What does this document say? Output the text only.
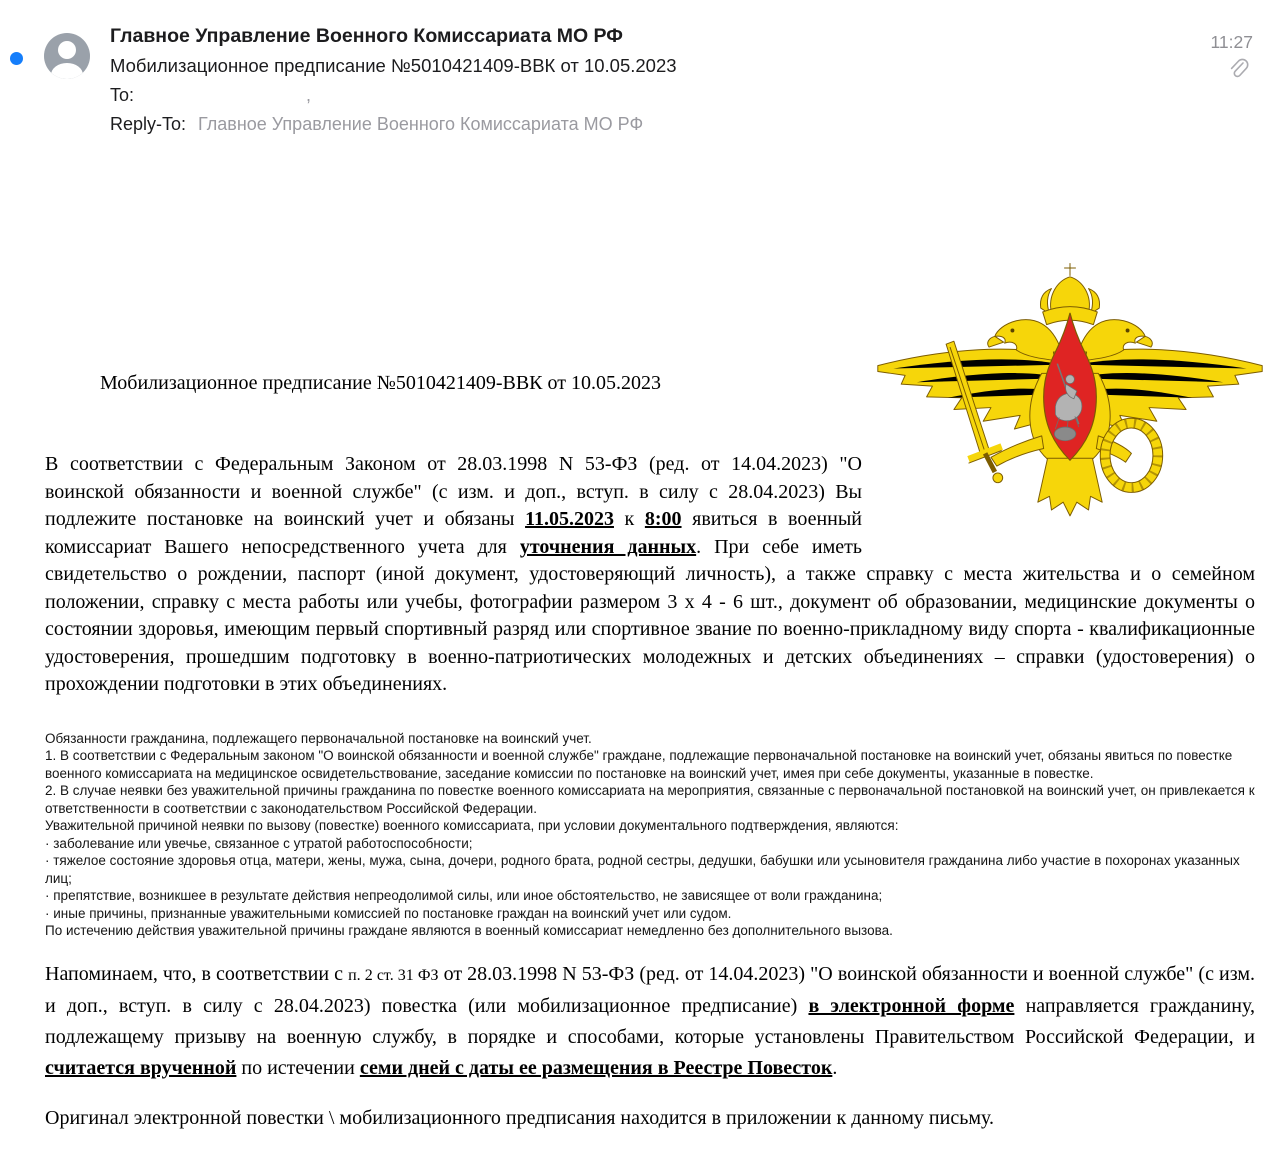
Главное Управление Военного Комиссариата МО РФ
Мобилизационное предписание №5010421409-ВВК от 10.05.2023
To:	,
Reply-To: Главное Управление Военного Комиссариата МО РФ
11:27

Мобилизационное предписание №5010421409-ВВК от 10.05.2023

В соответствии с Федеральным Законом от 28.03.1998 N 53-ФЗ (ред. от 14.04.2023) "О воинской обязанности и военной службе" (с изм. и доп., вступ. в силу с 28.04.2023) Вы подлежите постановке на воинский учет и обязаны 11.05.2023 к 8:00 явиться в военный комиссариат Вашего непосредственного учета для уточнения данных. При себе иметь свидетельство о рождении, паспорт (иной документ, удостоверяющий личность), а также справку с места жительства и о семейном положении, справку с места работы или учебы, фотографии размером 3 х 4 - 6 шт., документ об образовании, медицинские документы о состоянии здоровья, имеющим первый спортивный разряд или спортивное звание по военно-прикладному виду спорта - квалификационные удостоверения, прошедшим подготовку в военно-патриотических молодежных и детских объединениях – справки (удостоверения) о прохождении подготовки в этих объединениях.

Обязанности гражданина, подлежащего первоначальной постановке на воинский учет.

1. В соответствии с Федеральным законом "О воинской обязанности и военной службе" граждане, подлежащие первоначальной постановке на воинский учет, обязаны явиться по повестке военного комиссариата на медицинское освидетельствование, заседание комиссии по постановке на воинский учет, имея при себе документы, указанные в повестке.

2. В случае неявки без уважительной причины гражданина по повестке военного комиссариата на мероприятия, связанные с первоначальной постановкой на воинский учет, он привлекается к ответственности в соответствии с законодательством Российской Федерации.

Уважительной причиной неявки по вызову (повестке) военного комиссариата, при условии документального подтверждения, являются:

· заболевание или увечье, связанное с утратой работоспособности;

· тяжелое состояние здоровья отца, матери, жены, мужа, сына, дочери, родного брата, родной сестры, дедушки, бабушки или усыновителя гражданина либо участие в похоронах указанных лиц;

· препятствие, возникшее в результате действия непреодолимой силы, или иное обстоятельство, не зависящее от воли гражданина;

· иные причины, признанные уважительными комиссией по постановке граждан на воинский учет или судом.

По истечению действия уважительной причины граждане являются в военный комиссариат немедленно без дополнительного вызова.

Напоминаем, что, в соответствии с п. 2 ст. 31 ФЗ от 28.03.1998 N 53-ФЗ (ред. от 14.04.2023) "О воинской обязанности и военной службе" (с изм. и доп., вступ. в силу с 28.04.2023) повестка (или мобилизационное предписание) в электронной форме направляется гражданину, подлежащему призыву на военную службу, в порядке и способами, которые установлены Правительством Российской Федерации, и считается врученной по истечении семи дней с даты ее размещения в Реестре Повесток.

Оригинал электронной повестки \ мобилизационного предписания находится в приложении к данному письму.
